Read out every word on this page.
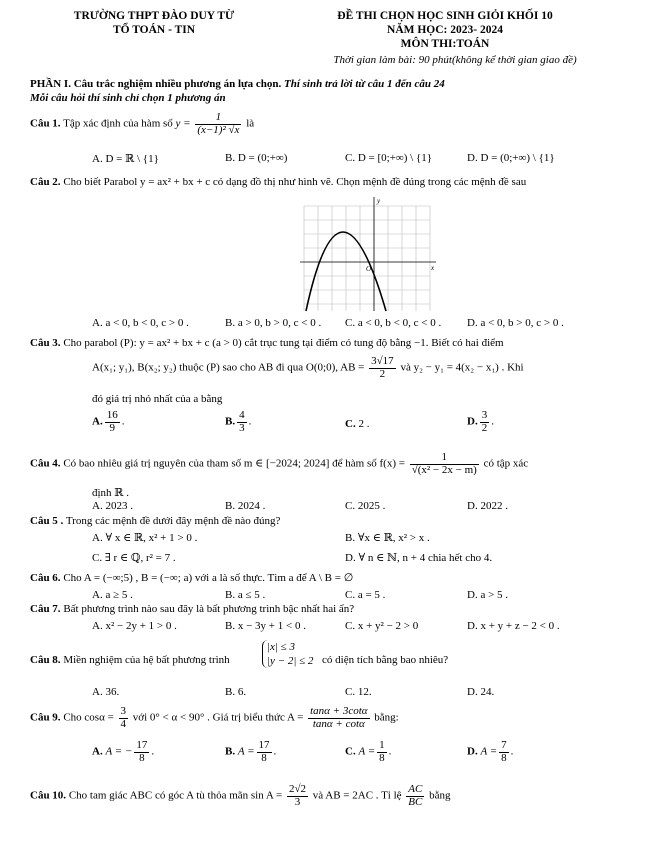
TRƯỜNG THPT ĐÀO DUY TỪ
TỔ TOÁN - TIN
ĐỀ THI CHỌN HỌC SINH GIỎI KHỐI 10
NĂM HỌC: 2023- 2024
MÔN THI:TOÁN
Thời gian làm bài: 90 phút(không kể thời gian giao đề)
PHẦN I. Câu trắc nghiệm nhiều phương án lựa chọn. Thí sinh trả lời từ câu 1 đến câu 24
Mỗi câu hỏi thí sinh chỉ chọn 1 phương án
Câu 1. Tập xác định của hàm số $y = \frac{1}{\text{(x−1)² √x}}$ là
A. D = ℝ \ {1}	B. D = (0;+∞)	C. D = [0;+∞) \ {1}	D. D = (0;+∞) \ {1}
Câu 2. Cho biết Parabol y = ax² + bx + c có dạng đồ thị như hình vẽ. Chọn mệnh đề đúng trong các mệnh đề sau
y
O	x
A. a < 0, b < 0, c > 0 .	B. a > 0, b > 0, c < 0 . C. a < 0, b < 0, c < 0 . D. a < 0, b > 0, c > 0 .
Câu 3. Cho parabol (P): y = ax² + bx + c (a > 0) cắt trục tung tại điểm có tung độ bằng −1. Biết có hai điểm
A(x₁; y₁), B(x₂; y₂) thuộc (P) sao cho AB đi qua O(0;0), AB = $\frac{3√17}{2}$ và y₂ − y₁ = 4(x₂ − x₁) . Khi
đó giá trị nhỏ nhất của a bằng
A. $\frac{16}{9}$ .	B. $\frac{4}{3}$ .	C. 2 .	D. $\frac{3}{2}$ .
Câu 4. Có bao nhiêu giá trị nguyên của tham số m ∈ [−2024; 2024] để hàm số $f(x) = \frac{1}{\text{√(x² − 2x − m)}}$ có tập xác
định ℝ .
A. 2023 .	B. 2024 .	C. 2025 .	D. 2022 .
Câu 5 . Trong các mệnh đề dưới đây mệnh đề nào đúng?
A. ∀ x ∈ ℝ, x² + 1 > 0 .	B. ∀x ∈ ℝ, x² > x .
C. ∃ r ∈ ℚ, r² = 7 .	D. ∀ n ∈ ℕ, n + 4 chia hết cho 4.
Câu 6. Cho A = (−∞;5) , B = (−∞; a) với a là số thực. Tìm a để A \ B = ∅
A. a ≥ 5 .	B. a ≤ 5 .	C. a = 5 .	D. a > 5 .
Câu 7. Bất phương trình nào sau đây là bất phương trình bậc nhất hai ẩn?
A. x² − 2y + 1 > 0 .	B. x − 3y + 1 < 0 .	C. x + y² − 2 > 0	D. x + y + z − 2 < 0 .
Câu 8. Miền nghiệm của hệ bất phương trình
|x| ≤ 3
|y − 2| ≤ 2 có diện tích bằng bao nhiêu?
A. 36.	B. 6.	C. 12.	D. 24.
Câu 9. Cho $\cos\alpha = \frac{3}{4}$ với 0° < α < 90° . Giá trị biểu thức $A = \frac{\tan\alpha + 3\cot\alpha}{\tan\alpha + \cot\alpha}$ bằng:
A. A = − $\frac{17}{8}$ .	B. $A = \frac{17}{8}$ .	C. $A = \frac{1}{8}$ .	D. $A = \frac{7}{8}$ .
Câu 10. Cho tam giác ABC có góc A tù thỏa mãn $\sin A = \frac{2√2}{3}$ và AB = 2AC . Tỉ lệ $\frac{AC}{BC}$ bằng
